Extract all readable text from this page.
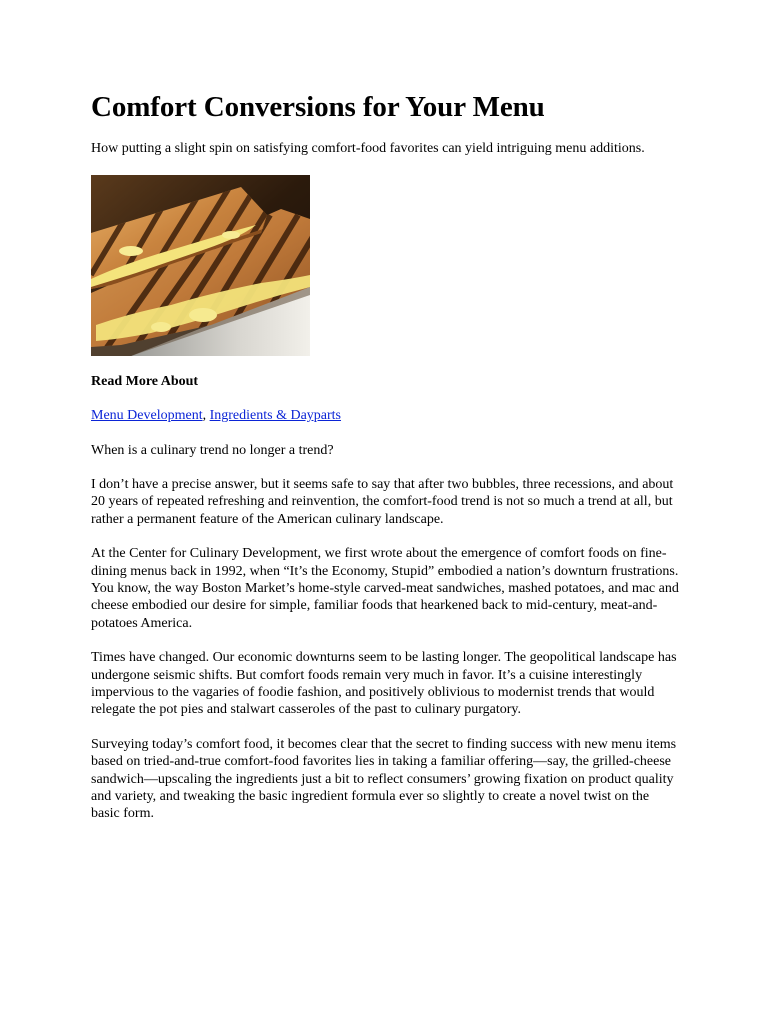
Comfort Conversions for Your Menu

How putting a slight spin on satisfying comfort-food favorites can yield intriguing menu additions.

Read More About

Menu Development, Ingredients & Dayparts

When is a culinary trend no longer a trend?

I don’t have a precise answer, but it seems safe to say that after two bubbles, three recessions, and about 20 years of repeated refreshing and reinvention, the comfort-food trend is not so much a trend at all, but rather a permanent feature of the American culinary landscape.

At the Center for Culinary Development, we first wrote about the emergence of comfort foods on fine-dining menus back in 1992, when “It’s the Economy, Stupid” embodied a nation’s downturn frustrations. You know, the way Boston Market’s home-style carved-meat sandwiches, mashed potatoes, and mac and cheese embodied our desire for simple, familiar foods that hearkened back to mid-century, meat-and-potatoes America.

Times have changed. Our economic downturns seem to be lasting longer. The geopolitical landscape has undergone seismic shifts. But comfort foods remain very much in favor. It’s a cuisine interestingly impervious to the vagaries of foodie fashion, and positively oblivious to modernist trends that would relegate the pot pies and stalwart casseroles of the past to culinary purgatory.

Surveying today’s comfort food, it becomes clear that the secret to finding success with new menu items based on tried-and-true comfort-food favorites lies in taking a familiar offering—say, the grilled-cheese sandwich—upscaling the ingredients just a bit to reflect consumers’ growing fixation on product quality and variety, and tweaking the basic ingredient formula ever so slightly to create a novel twist on the basic form.
